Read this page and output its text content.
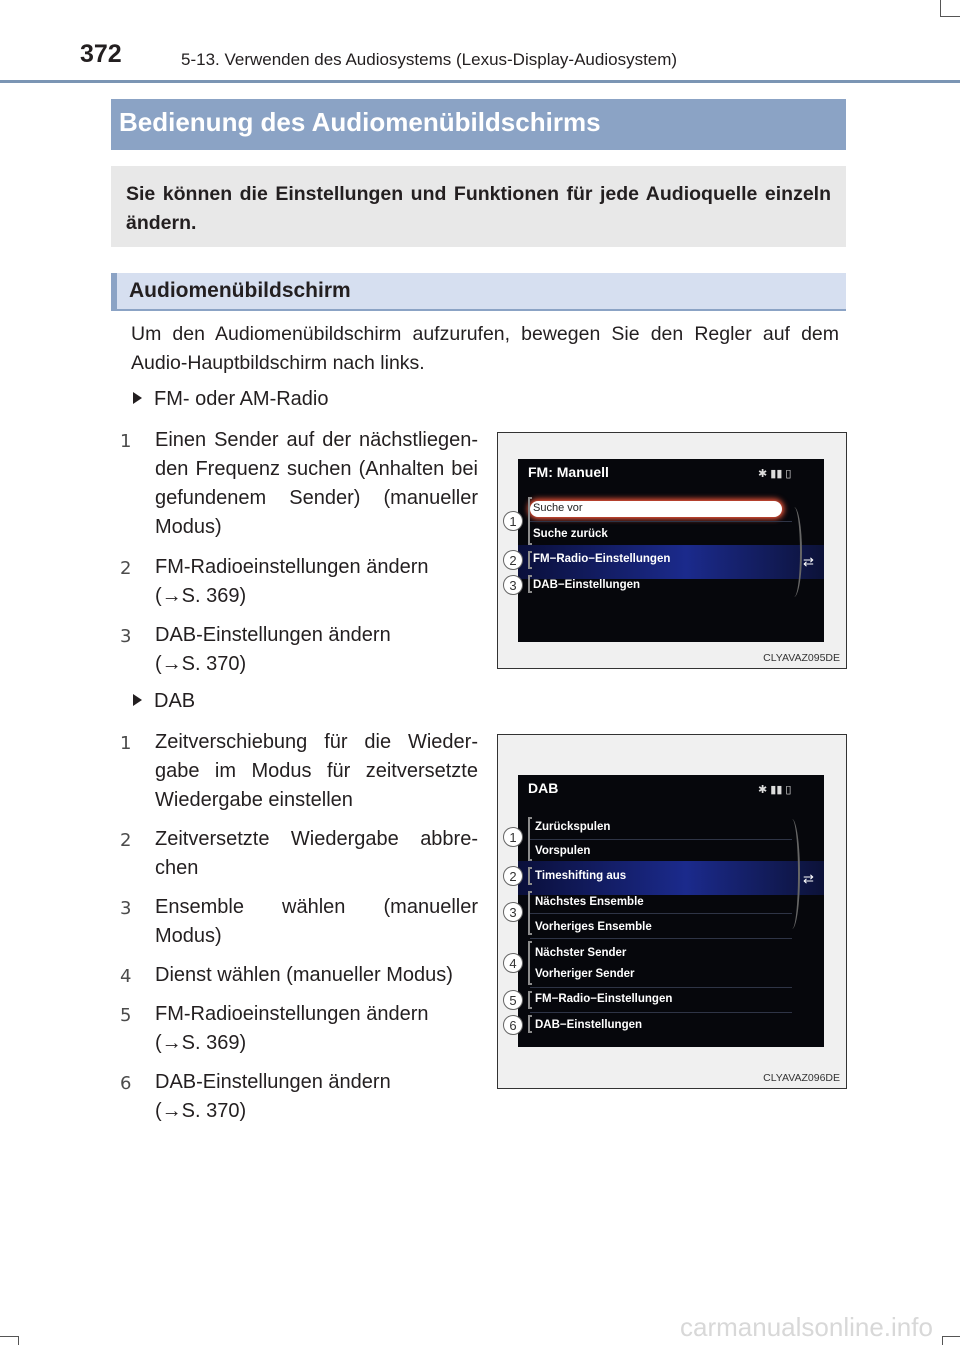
372	5-13. Verwenden des Audiosystems (Lexus-Display-Audiosystem)
Bedienung des Audiomenübildschirms

Sie können die Einstellungen und Funktionen für jede Audioquelle einzeln ändern.

Audiomenübildschirm

Um den Audiomenübildschirm aufzurufen, bewegen Sie den Regler auf dem Audio-Hauptbildschirm nach links.

FM- oder AM-Radio
1 Einen Sender auf der nächstliegen-den Frequenz suchen (Anhalten bei gefundenem Sender) (manueller Modus)

2 FM-Radioeinstellungen ändern
(→S. 369)

3 DAB-Einstellungen ändern
(→S. 370)

FM: Manuell	✱ ▮▮ ▯
Suche vor
Suche zurück
FM−Radio−Einstellungen	⇄
DAB−Einstellungen
1
2
3
CLYAVAZ095DE
DAB
1 Zeitverschiebung für die Wieder-gabe im Modus für zeitversetzte Wiedergabe einstellen

2 Zeitversetzte Wiedergabe abbre-chen

3 Ensemble wählen (manueller Modus)

4 Dienst wählen (manueller Modus)

5 FM-Radioeinstellungen ändern
(→S. 369)

6 DAB-Einstellungen ändern
(→S. 370)

DAB	✱ ▮▮ ▯
Zurückspulen
Vorspulen
Timeshifting aus	⇄
Nächstes Ensemble
Vorheriges Ensemble
Nächster Sender
Vorheriger Sender
FM−Radio−Einstellungen
DAB−Einstellungen
1
2
3
4
5
6
CLYAVAZ096DE
carmanualsonline.info
